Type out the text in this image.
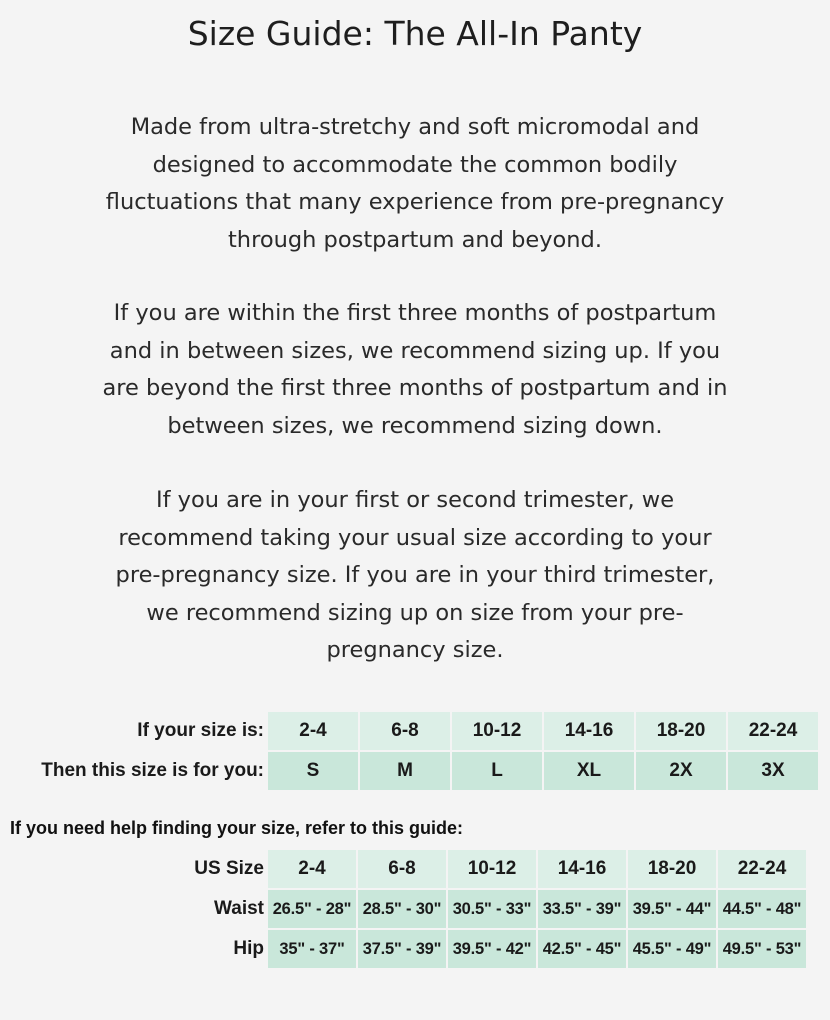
Size Guide: The All-In Panty
Made from ultra-stretchy and soft micromodal and
designed to accommodate the common bodily
fluctuations that many experience from pre-pregnancy
through postpartum and beyond.
If you are within the first three months of postpartum
and in between sizes, we recommend sizing up. If you
are beyond the first three months of postpartum and in
between sizes, we recommend sizing down.
If you are in your first or second trimester, we
recommend taking your usual size according to your
pre-pregnancy size. If you are in your third trimester,
we recommend sizing up on size from your pre-
pregnancy size.
If your size is:	2-4	6-8	10-12	14-16	18-20	22-24
Then this size is for you:	S	M	L	XL	2X	3X
If you need help finding your size, refer to this guide:
US Size	2-4	6-8	10-12	14-16	18-20	22-24
Waist	26.5" - 28"	28.5" - 30"	30.5" - 33"	33.5" - 39"	39.5" - 44"	44.5" - 48"
Hip	35" - 37"	37.5" - 39"	39.5" - 42"	42.5" - 45"	45.5" - 49"	49.5" - 53"
